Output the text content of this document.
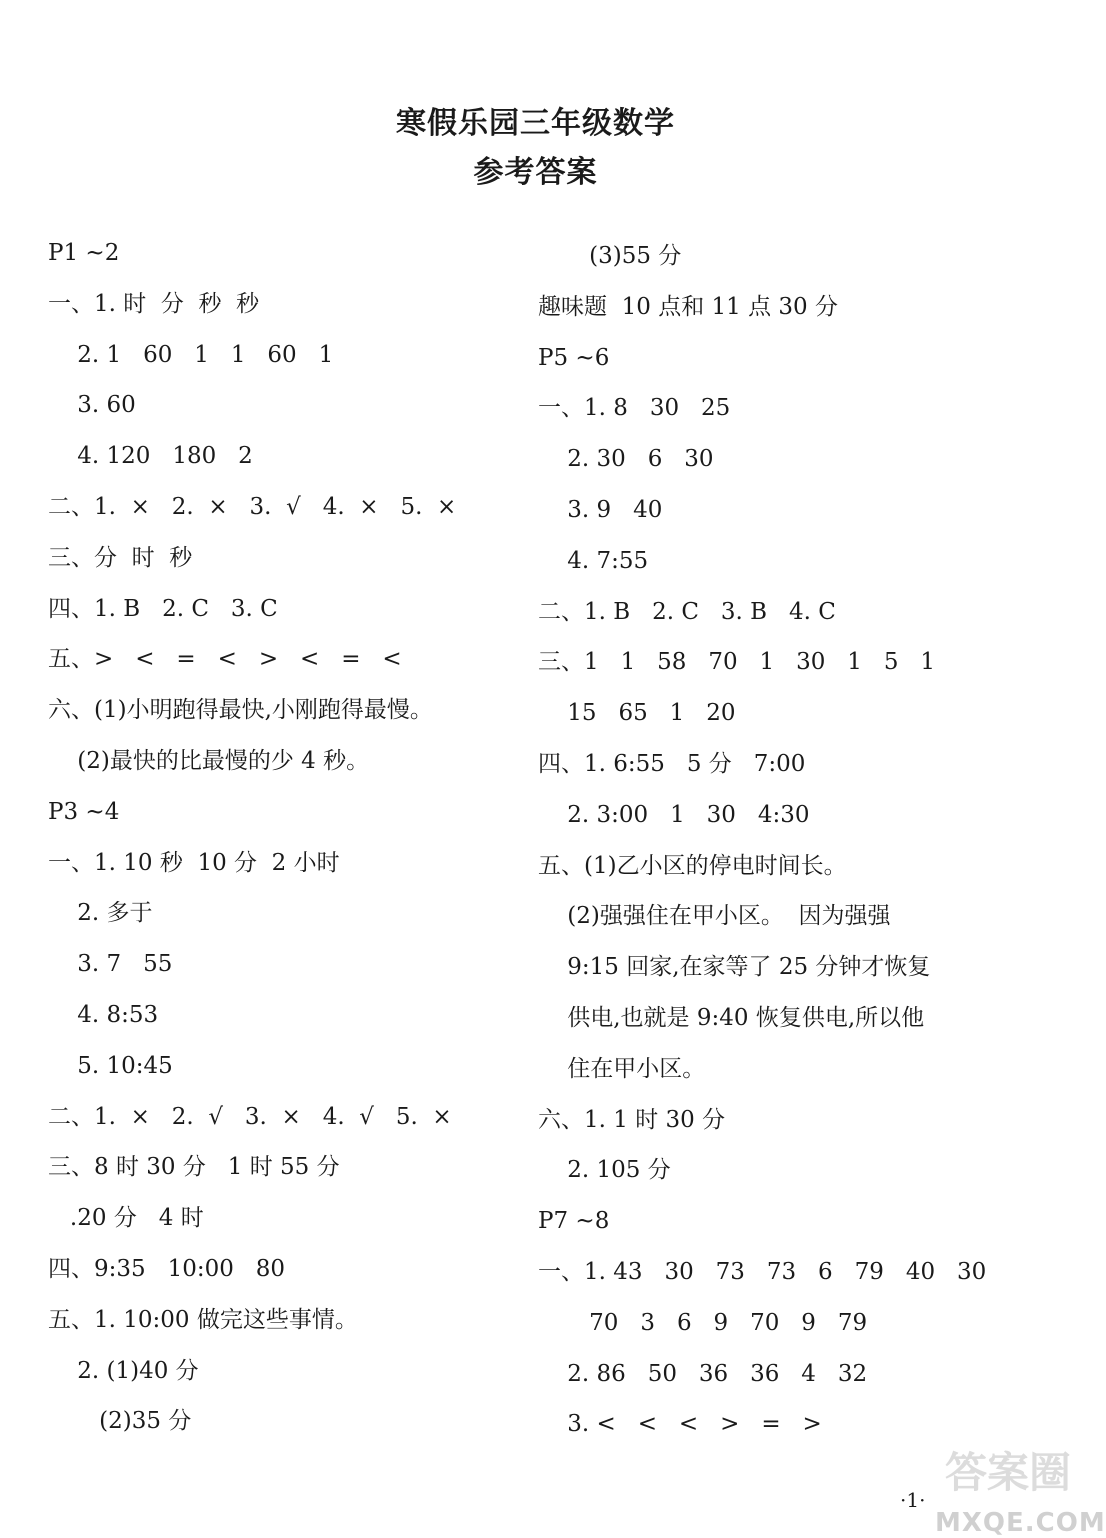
寒假乐园三年级数学
参考答案
P1 ~2
一、1. 时  分  秒  秒
2. 1   60   1   1   60   1
3. 60
4. 120   180   2
二、1.  ×   2.  ×   3.  √   4.  ×   5.  ×
三、分  时  秒
四、1. B   2. C   3. C
五、>   <   =   <   >   <   =   <
六、(1)小明跑得最快,小刚跑得最慢。
(2)最快的比最慢的少 4 秒。
P3 ~4
一、1. 10 秒  10 分  2 小时
2. 多于
3. 7   55
4. 8:53
5. 10:45
二、1.  ×   2.  √   3.  ×   4.  √   5.  ×
三、8 时 30 分   1 时 55 分
.20 分   4 时
四、9:35   10:00   80
五、1. 10:00 做完这些事情。
2. (1)40 分
(2)35 分
(3)55 分
趣味题  10 点和 11 点 30 分
P5 ~6
一、1. 8   30   25
2. 30   6   30
3. 9   40
4. 7:55
二、1. B   2. C   3. B   4. C
三、1   1   58   70   1   30   1   5   1
15   65   1   20
四、1. 6:55   5 分   7:00
2. 3:00   1   30   4:30
五、(1)乙小区的停电时间长。
(2)强强住在甲小区。  因为强强
9:15 回家,在家等了 25 分钟才恢复
供电,也就是 9:40 恢复供电,所以他
住在甲小区。
六、1. 1 时 30 分
2. 105 分
P7 ~8
一、1. 43   30   73   73   6   79   40   30
70   3   6   9   70   9   79
2. 86   50   36   36   4   32
3. <   <   <   >   =   >
·1·
答案圈
MXQE.COM
